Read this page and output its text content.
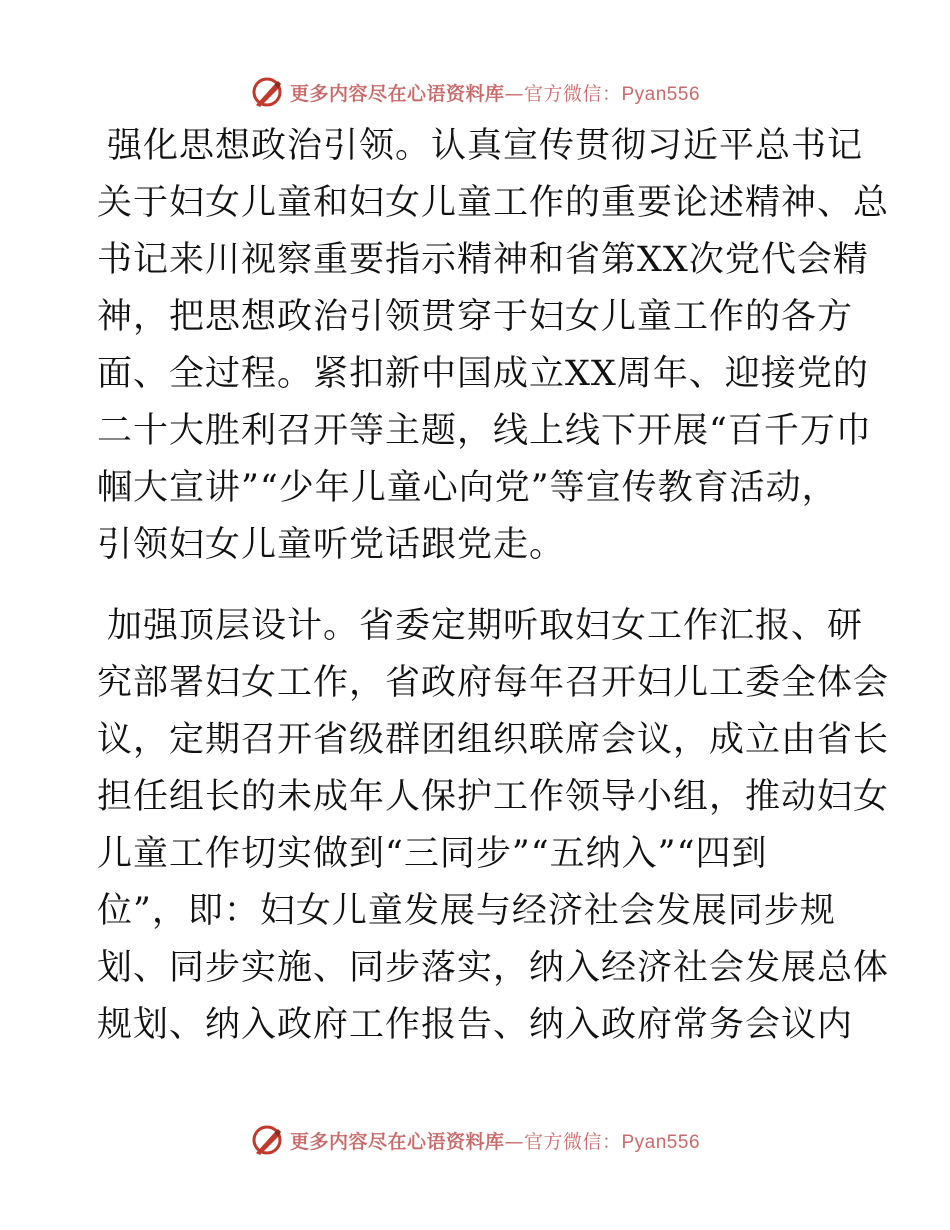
更多内容尽在心语资料库—官方微信：Pyan556
强化思想政治引领。认真宣传贯彻习近平总书记
关于妇女儿童和妇女儿童工作的重要论述精神、总
书记来川视察重要指示精神和省第XX次党代会精
神，把思想政治引领贯穿于妇女儿童工作的各方
面、全过程。紧扣新中国成立XX周年、迎接党的
二十大胜利召开等主题，线上线下开展“百千万巾
帼大宣讲”“少年儿童心向党”等宣传教育活动，
引领妇女儿童听党话跟党走。
加强顶层设计。省委定期听取妇女工作汇报、研
究部署妇女工作，省政府每年召开妇儿工委全体会
议，定期召开省级群团组织联席会议，成立由省长
担任组长的未成年人保护工作领导小组，推动妇女
儿童工作切实做到“三同步”“五纳入”“四到
位”，即：妇女儿童发展与经济社会发展同步规
划、同步实施、同步落实，纳入经济社会发展总体
规划、纳入政府工作报告、纳入政府常务会议内
更多内容尽在心语资料库—官方微信：Pyan556
